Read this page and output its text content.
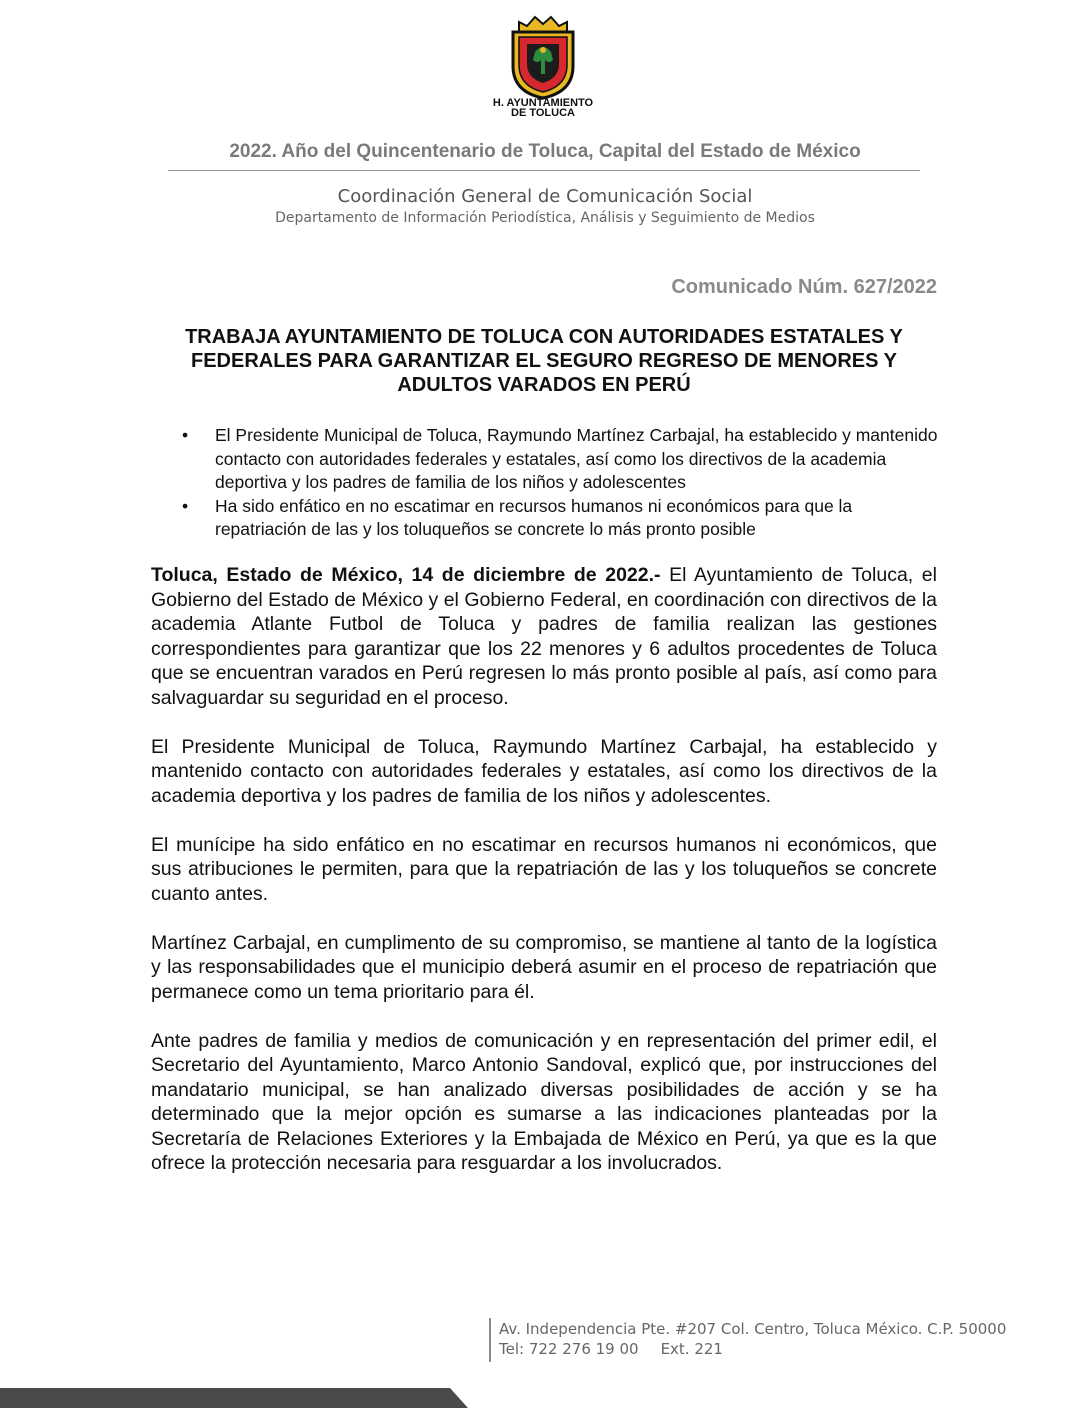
H. AYUNTAMIENTO
DE TOLUCA
2022. Año del Quincentenario de Toluca, Capital del Estado de México
Coordinación General de Comunicación Social
Departamento de Información Periodística, Análisis y Seguimiento de Medios
Comunicado Núm. 627/2022
TRABAJA AYUNTAMIENTO DE TOLUCA CON AUTORIDADES ESTATALES Y FEDERALES PARA GARANTIZAR EL SEGURO REGRESO DE MENORES Y ADULTOS VARADOS EN PERÚ
• El Presidente Municipal de Toluca, Raymundo Martínez Carbajal, ha establecido y mantenido contacto con autoridades federales y estatales, así como los directivos de la academia deportiva y los padres de familia de los niños y adolescentes
• Ha sido enfático en no escatimar en recursos humanos ni económicos para que la repatriación de las y los toluqueños se concrete lo más pronto posible

Toluca, Estado de México, 14 de diciembre de 2022.- El Ayuntamiento de Toluca, el Gobierno del Estado de México y el Gobierno Federal, en coordinación con directivos de la academia Atlante Futbol de Toluca y padres de familia realizan las gestiones correspondientes para garantizar que los 22 menores y 6 adultos procedentes de Toluca que se encuentran varados en Perú regresen lo más pronto posible al país, así como para salvaguardar su seguridad en el proceso.

El Presidente Municipal de Toluca, Raymundo Martínez Carbajal, ha establecido y mantenido contacto con autoridades federales y estatales, así como los directivos de la academia deportiva y los padres de familia de los niños y adolescentes.

El munícipe ha sido enfático en no escatimar en recursos humanos ni económicos, que sus atribuciones le permiten, para que la repatriación de las y los toluqueños se concrete cuanto antes.

Martínez Carbajal, en cumplimento de su compromiso, se mantiene al tanto de la logística y las responsabilidades que el municipio deberá asumir en el proceso de repatriación que permanece como un tema prioritario para él.

Ante padres de familia y medios de comunicación y en representación del primer edil, el Secretario del Ayuntamiento, Marco Antonio Sandoval, explicó que, por instrucciones del mandatario municipal, se han analizado diversas posibilidades de acción y se ha determinado que la mejor opción es sumarse a las indicaciones planteadas por la Secretaría de Relaciones Exteriores y la Embajada de México en Perú, ya que es la que ofrece la protección necesaria para resguardar a los involucrados.

Av. Independencia Pte. #207 Col. Centro, Toluca México. C.P. 50000
Tel: 722 276 19 00 Ext. 221
